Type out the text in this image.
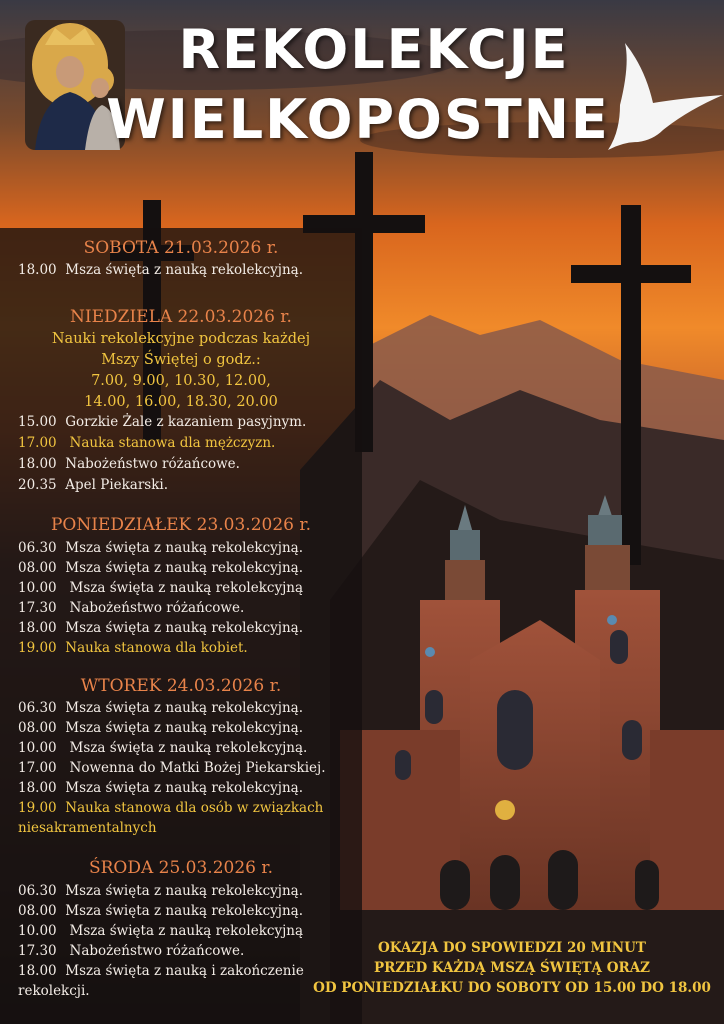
REKOLEKCJE
WIELKOPOSTNE
SOBOTA 21.03.2026 r.
18.00 Msza święta z nauką rekolekcyjną.
NIEDZIELA 22.03.2026 r.
Nauki rekolekcyjne podczas każdej
Mszy Świętej o godz.:
7.00, 9.00, 10.30, 12.00,
14.00, 16.00, 18.30, 20.00
15.00 Gorzkie Żale z kazaniem pasyjnym.
17.00 Nauka stanowa dla mężczyzn.
18.00 Nabożeństwo różańcowe.
20.35 Apel Piekarski.
PONIEDZIAŁEK 23.03.2026 r.
06.30 Msza święta z nauką rekolekcyjną.
08.00 Msza święta z nauką rekolekcyjną.
10.00 Msza święta z nauką rekolekcyjną
17.30 Nabożeństwo różańcowe.
18.00 Msza święta z nauką rekolekcyjną.
19.00 Nauka stanowa dla kobiet.
WTOREK 24.03.2026 r.
06.30 Msza święta z nauką rekolekcyjną.
08.00 Msza święta z nauką rekolekcyjną.
10.00 Msza święta z nauką rekolekcyjną.
17.00 Nowenna do Matki Bożej Piekarskiej.
18.00 Msza święta z nauką rekolekcyjną.
19.00 Nauka stanowa dla osób w związkach
niesakramentalnych
ŚRODA 25.03.2026 r.
06.30 Msza święta z nauką rekolekcyjną.
08.00 Msza święta z nauką rekolekcyjną.
10.00 Msza święta z nauką rekolekcyjną
17.30 Nabożeństwo różańcowe.
18.00 Msza święta z nauką i zakończenie
rekolekcji.
OKAZJA DO SPOWIEDZI 20 MINUT
PRZED KAŻDĄ MSZĄ ŚWIĘTĄ ORAZ
OD PONIEDZIAŁKU DO SOBOTY OD 15.00 DO 18.00
